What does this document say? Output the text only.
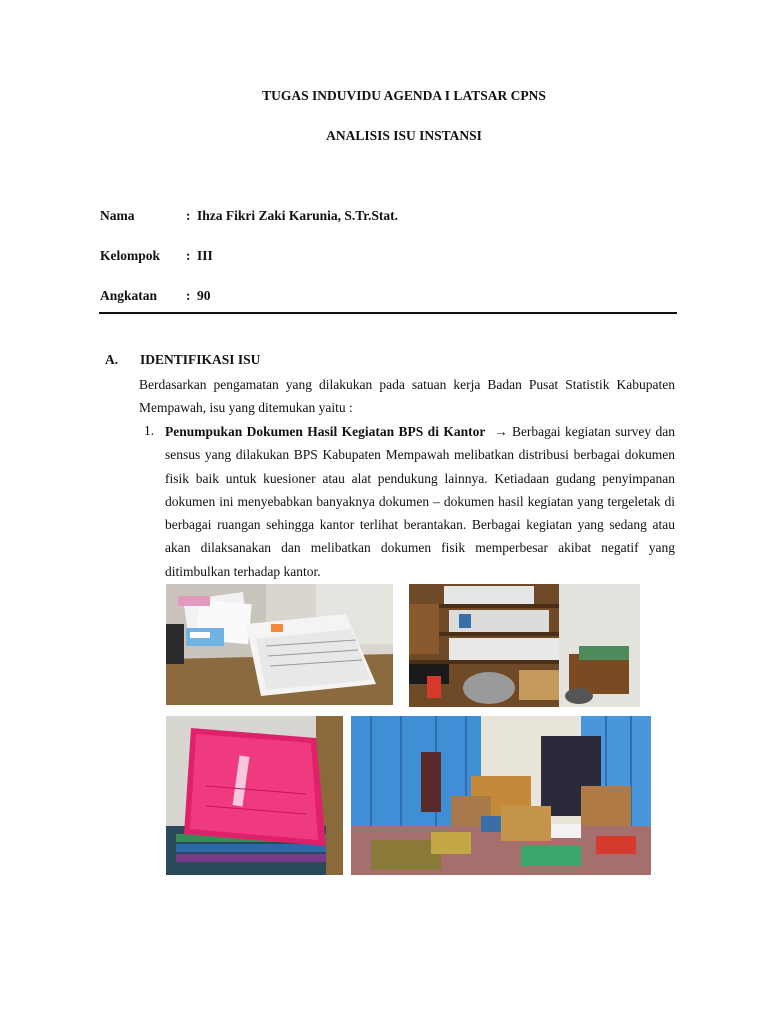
TUGAS INDUVIDU AGENDA I LATSAR CPNS
ANALISIS ISU INSTANSI
Nama	: Ihza Fikri Zaki Karunia, S.Tr.Stat.
Kelompok : III
Angkatan : 90
A. IDENTIFIKASI ISU

Berdasarkan pengamatan yang dilakukan pada satuan kerja Badan Pusat Statistik Kabupaten Mempawah, isu yang ditemukan yaitu :

1. Penumpukan Dokumen Hasil Kegiatan BPS di Kantor → Berbagai kegiatan survey dan sensus yang dilakukan BPS Kabupaten Mempawah melibatkan distribusi berbagai dokumen fisik baik untuk kuesioner atau alat pendukung lainnya. Ketiadaan gudang penyimpanan dokumen ini menyebabkan banyaknya dokumen – dokumen hasil kegiatan yang tergeletak di berbagai ruangan sehingga kantor terlihat berantakan. Berbagai kegiatan yang sedang atau akan dilaksanakan dan melibatkan dokumen fisik memperbesar akibat negatif yang ditimbulkan terhadap kantor.
